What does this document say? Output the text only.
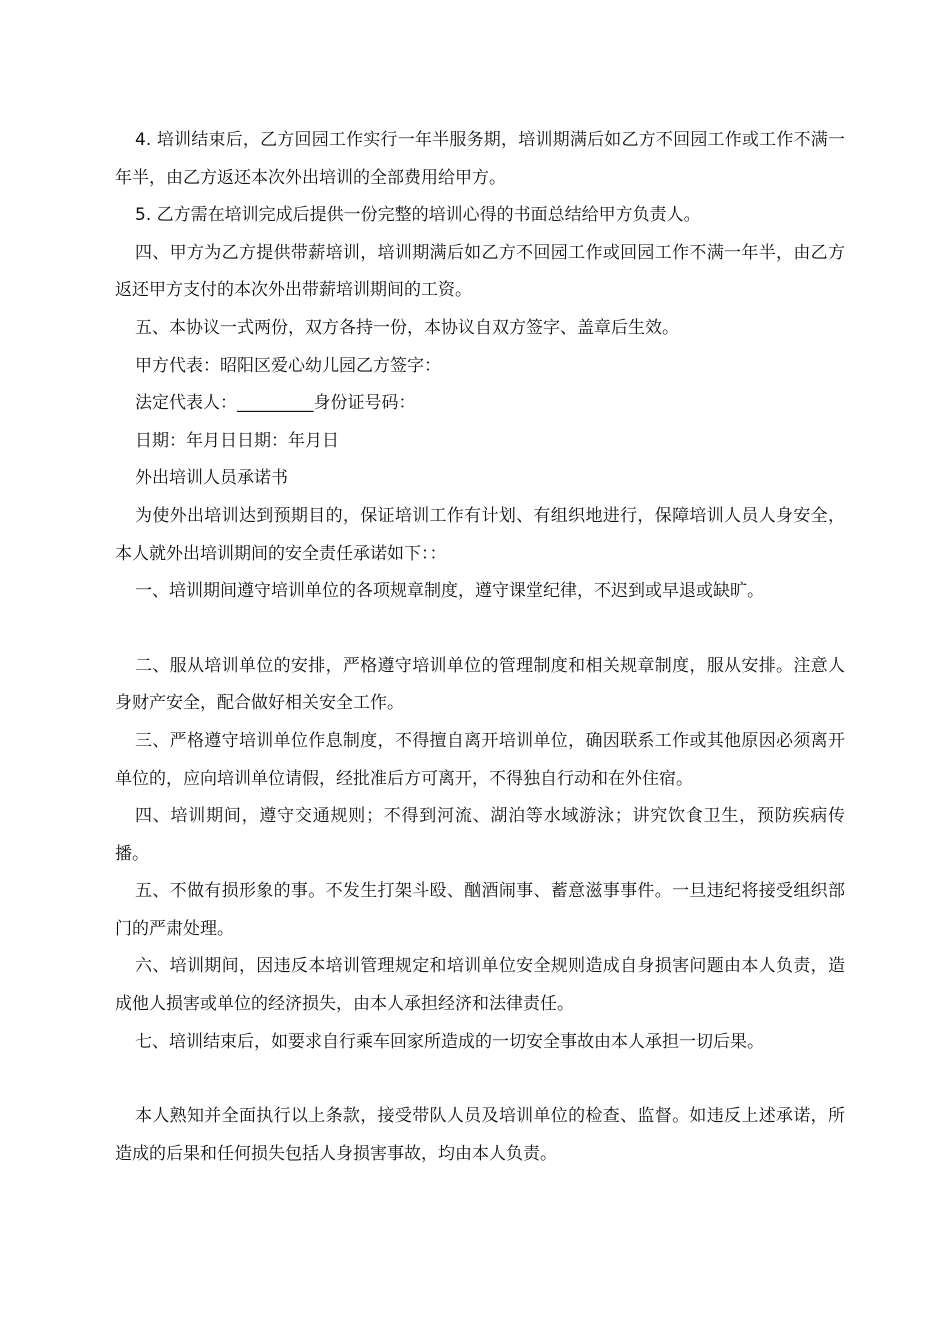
4. 培训结束后，乙方回园工作实行一年半服务期，培训期满后如乙方不回园工作或工作不满一年半，由乙方返还本次外出培训的全部费用给甲方。

5. 乙方需在培训完成后提供一份完整的培训心得的书面总结给甲方负责人。

四、甲方为乙方提供带薪培训，培训期满后如乙方不回园工作或回园工作不满一年半，由乙方返还甲方支付的本次外出带薪培训期间的工资。

五、本协议一式两份，双方各持一份，本协议自双方签字、盖章后生效。

甲方代表：昭阳区爱心幼儿园乙方签字：

法定代表人：_________身份证号码：

日期：年月日日期：年月日

外出培训人员承诺书

为使外出培训达到预期目的，保证培训工作有计划、有组织地进行，保障培训人员人身安全，本人就外出培训期间的安全责任承诺如下：：

一、培训期间遵守培训单位的各项规章制度，遵守课堂纪律，不迟到或早退或缺旷。

二、服从培训单位的安排，严格遵守培训单位的管理制度和相关规章制度，服从安排。注意人身财产安全，配合做好相关安全工作。

三、严格遵守培训单位作息制度，不得擅自离开培训单位，确因联系工作或其他原因必须离开单位的，应向培训单位请假，经批准后方可离开，不得独自行动和在外住宿。

四、培训期间，遵守交通规则；不得到河流、湖泊等水域游泳；讲究饮食卫生，预防疾病传播。

五、不做有损形象的事。不发生打架斗殴、酗酒闹事、蓄意滋事事件。一旦违纪将接受组织部门的严肃处理。

六、培训期间，因违反本培训管理规定和培训单位安全规则造成自身损害问题由本人负责，造成他人损害或单位的经济损失，由本人承担经济和法律责任。

七、培训结束后，如要求自行乘车回家所造成的一切安全事故由本人承担一切后果。

本人熟知并全面执行以上条款，接受带队人员及培训单位的检查、监督。如违反上述承诺，所造成的后果和任何损失包括人身损害事故，均由本人负责。
